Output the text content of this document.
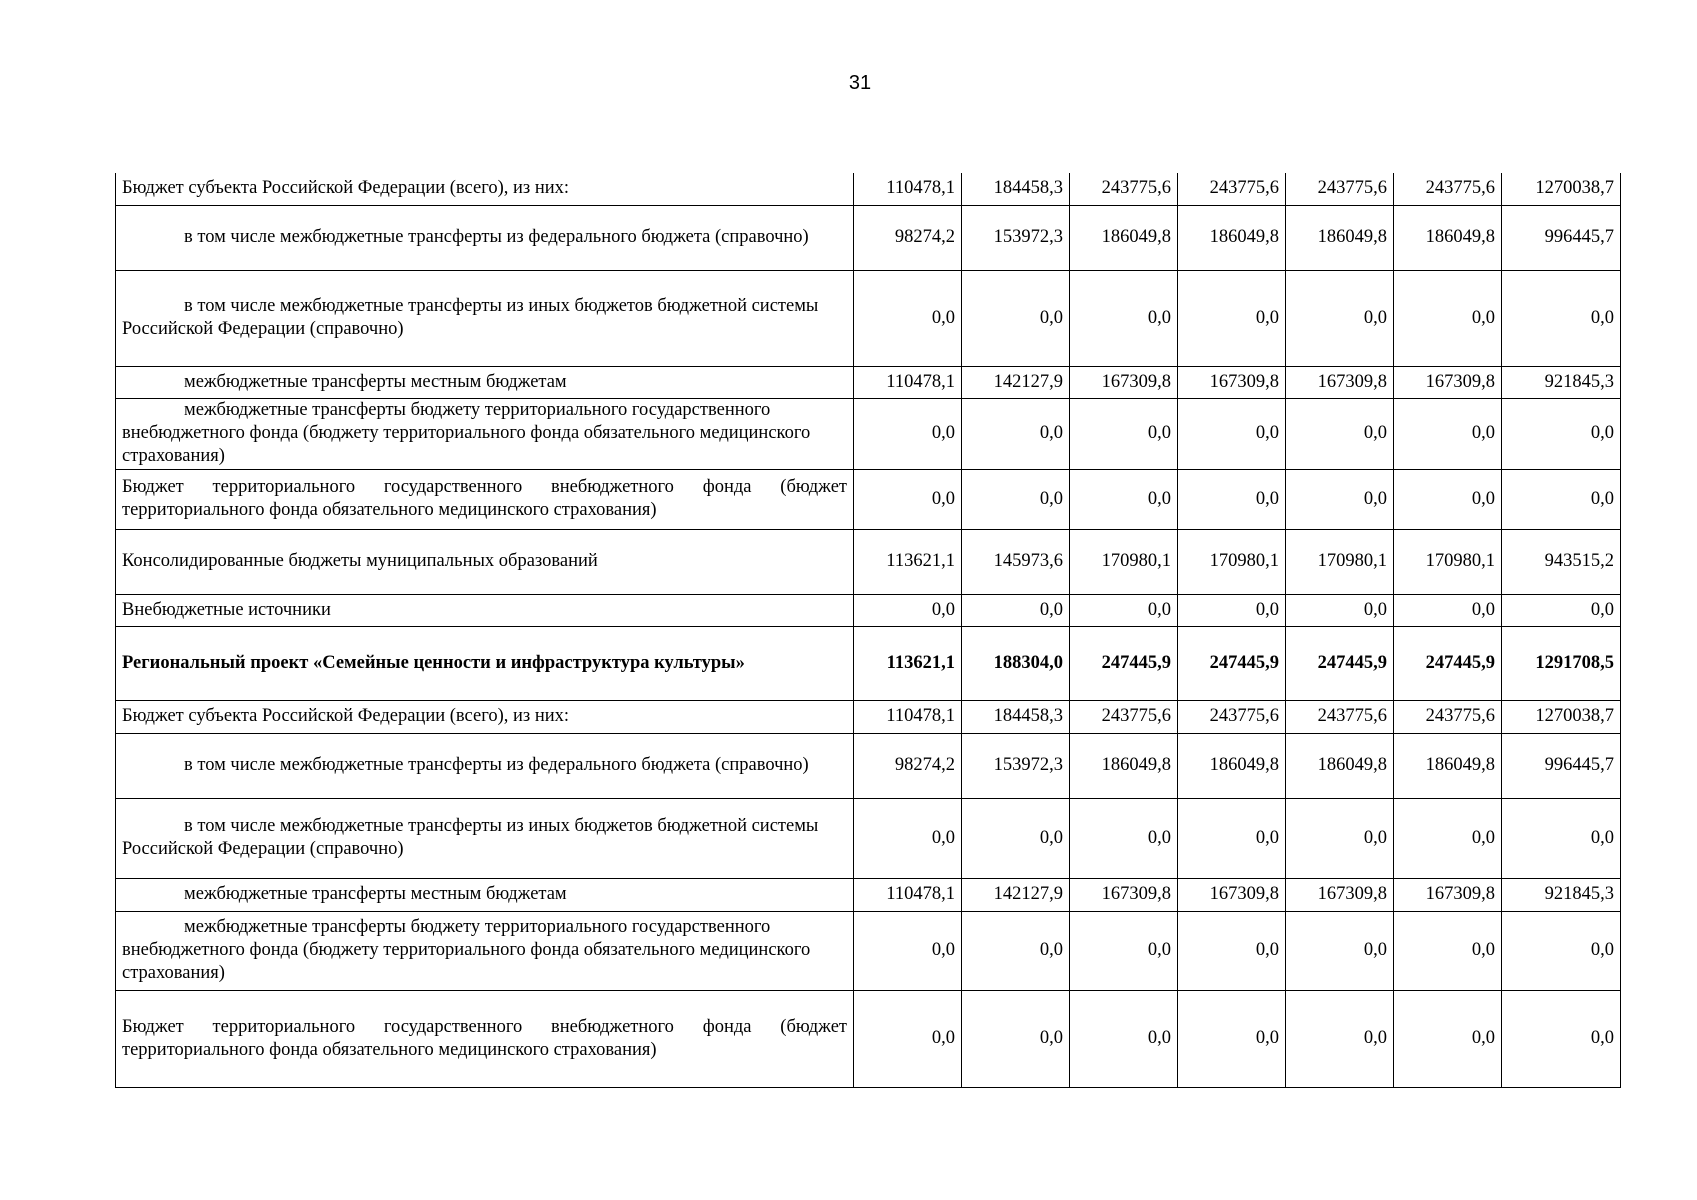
31
Бюджет субъекта Российской Федерации (всего), из них:	110478,1	184458,3	243775,6	243775,6	243775,6	243775,6	1270038,7
в том числе межбюджетные трансферты из федерального бюджета (справочно)	98274,2	153972,3	186049,8	186049,8	186049,8	186049,8	996445,7
в том числе межбюджетные трансферты из иных бюджетов бюджетной системы Российской Федерации (справочно)	0,0	0,0	0,0	0,0	0,0	0,0	0,0
межбюджетные трансферты местным бюджетам	110478,1	142127,9	167309,8	167309,8	167309,8	167309,8	921845,3
межбюджетные трансферты бюджету территориального государственного внебюджетного фонда (бюджету территориального фонда обязательного медицинского страхования)	0,0	0,0	0,0	0,0	0,0	0,0	0,0
Бюджет территориального государственного внебюджетного фонда (бюджет территориального фонда обязательного медицинского страхования)	0,0	0,0	0,0	0,0	0,0	0,0	0,0
Консолидированные бюджеты муниципальных образований	113621,1	145973,6	170980,1	170980,1	170980,1	170980,1	943515,2
Внебюджетные источники	0,0	0,0	0,0	0,0	0,0	0,0	0,0
Региональный проект «Семейные ценности и инфраструктура культуры»	113621,1	188304,0	247445,9	247445,9	247445,9	247445,9	1291708,5
Бюджет субъекта Российской Федерации (всего), из них:	110478,1	184458,3	243775,6	243775,6	243775,6	243775,6	1270038,7
в том числе межбюджетные трансферты из федерального бюджета (справочно)	98274,2	153972,3	186049,8	186049,8	186049,8	186049,8	996445,7
в том числе межбюджетные трансферты из иных бюджетов бюджетной системы Российской Федерации (справочно)	0,0	0,0	0,0	0,0	0,0	0,0	0,0
межбюджетные трансферты местным бюджетам	110478,1	142127,9	167309,8	167309,8	167309,8	167309,8	921845,3
межбюджетные трансферты бюджету территориального государственного внебюджетного фонда (бюджету территориального фонда обязательного медицинского страхования)	0,0	0,0	0,0	0,0	0,0	0,0	0,0
Бюджет территориального государственного внебюджетного фонда (бюджет территориального фонда обязательного медицинского страхования)	0,0	0,0	0,0	0,0	0,0	0,0	0,0
